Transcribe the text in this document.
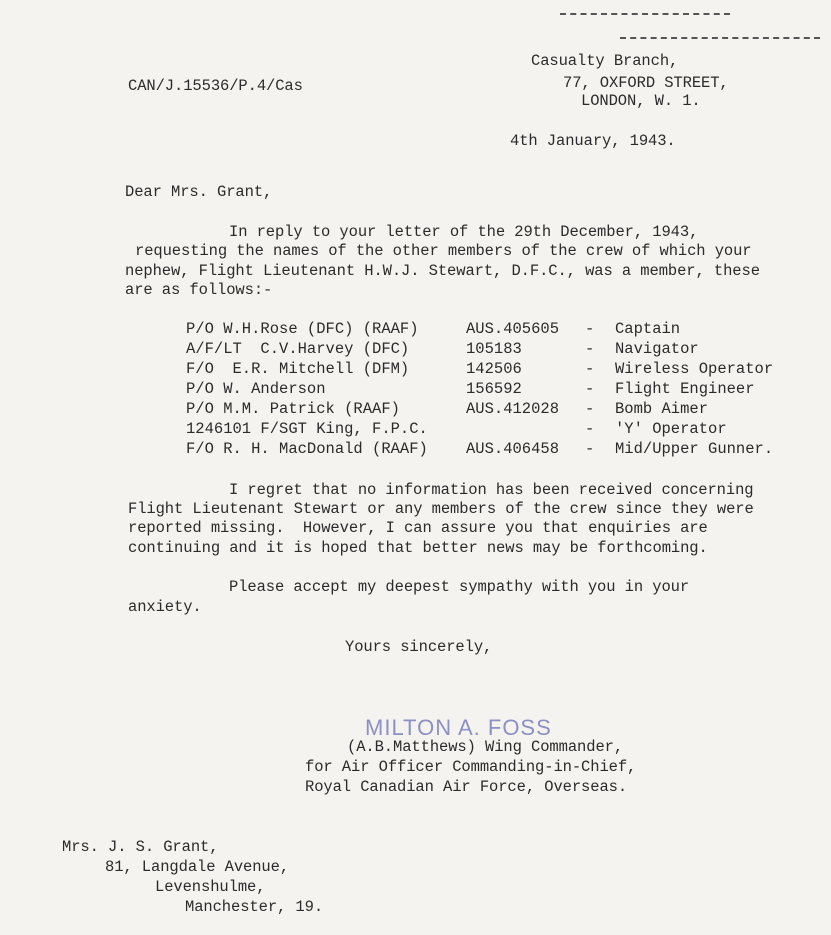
CAN/J.15536/P.4/Cas
Casualty Branch,
77, OXFORD STREET,
LONDON, W. 1.
4th January, 1943.
Dear Mrs. Grant,
In reply to your letter of the 29th December, 1943,
requesting the names of the other members of the crew of which your
nephew, Flight Lieutenant H.W.J. Stewart, D.F.C., was a member, these
are as follows:-
P/O W.H.Rose (DFC) (RAAF)	AUS.405605 - Captain
A/F/LT  C.V.Harvey (DFC)	105183	- Navigator
F/O  E.R. Mitchell (DFM)	142506	- Wireless Operator
P/O W. Anderson	156592	- Flight Engineer
P/O M.M. Patrick (RAAF)	AUS.412028 - Bomb Aimer
1246101 F/SGT King, F.P.C.	- 'Y' Operator
F/O R. H. MacDonald (RAAF) AUS.406458 - Mid/Upper Gunner.
I regret that no information has been received concerning
Flight Lieutenant Stewart or any members of the crew since they were
reported missing.  However, I can assure you that enquiries are
continuing and it is hoped that better news may be forthcoming.
Please accept my deepest sympathy with you in your
anxiety.
Yours sincerely,
MILTON A. FOSS
(A.B.Matthews) Wing Commander,
for Air Officer Commanding-in-Chief,
Royal Canadian Air Force, Overseas.
Mrs. J. S. Grant,
81, Langdale Avenue,
Levenshulme,
Manchester, 19.
